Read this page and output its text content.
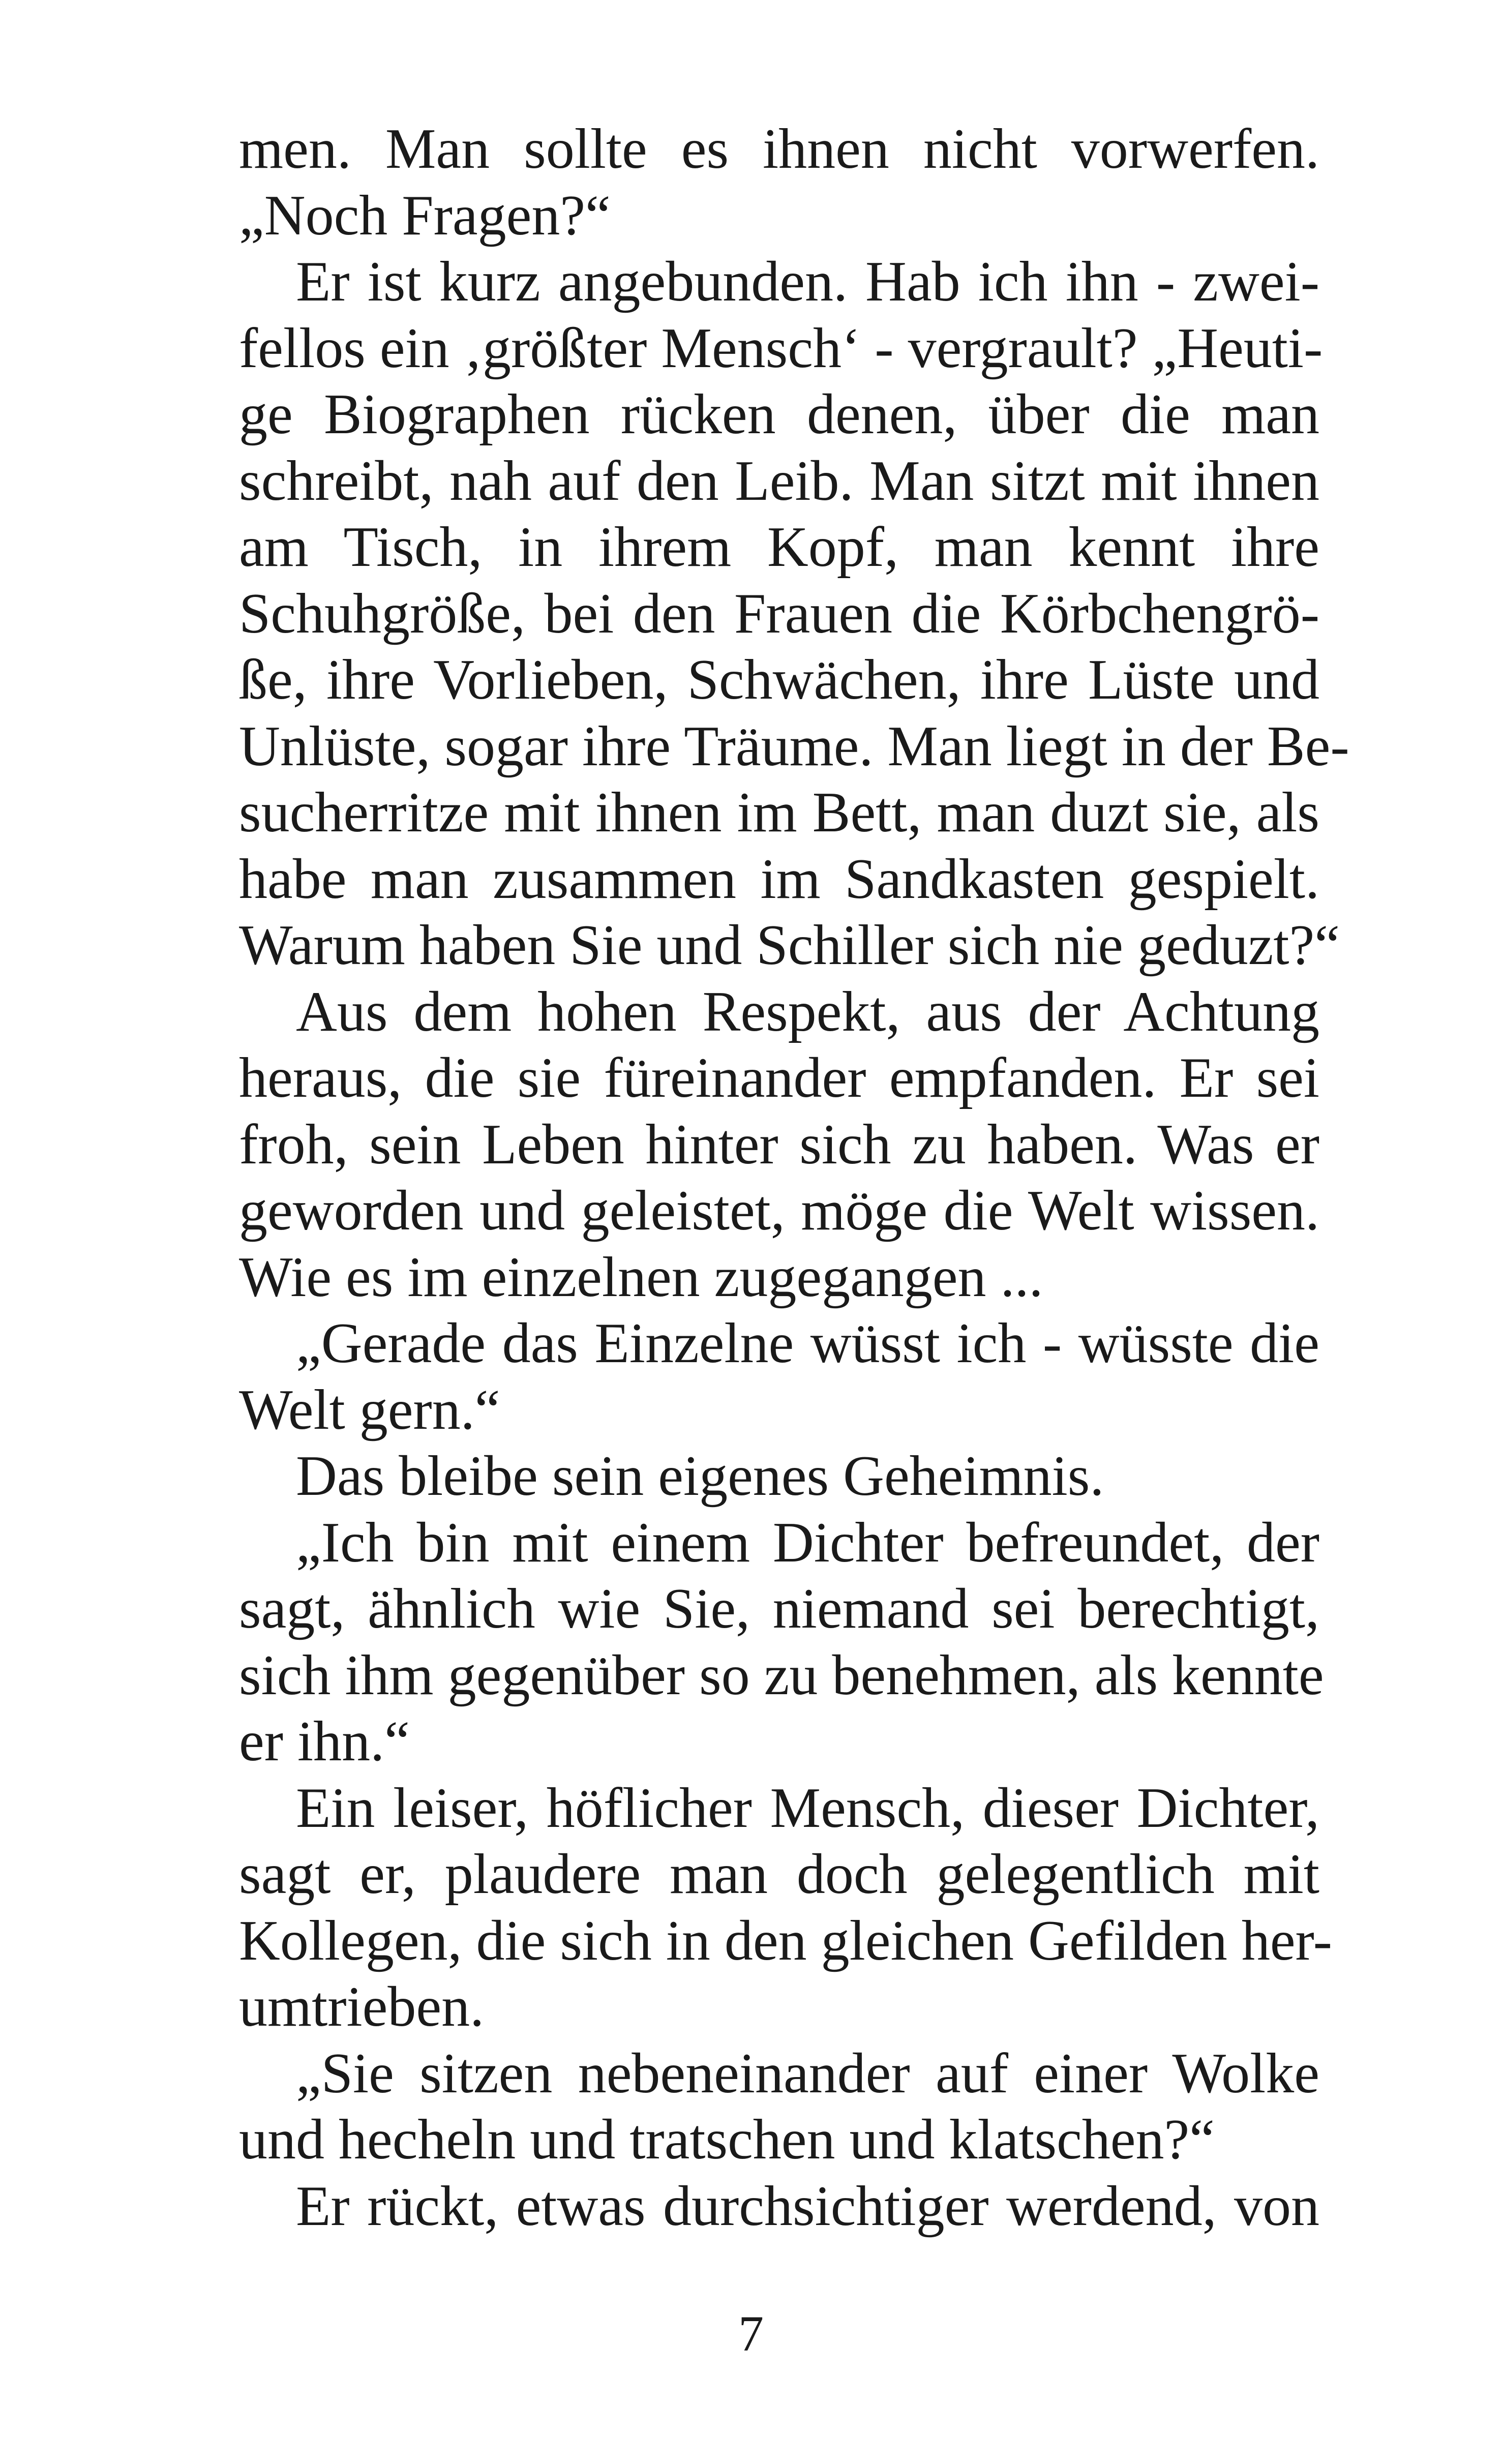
men. Man sollte es ihnen nicht vorwerfen.
„Noch Fragen?“
Er ist kurz angebunden. Hab ich ihn - zwei-
fellos ein ‚größter Mensch‘ - vergrault? „Heuti-
ge Biographen rücken denen, über die man
schreibt, nah auf den Leib. Man sitzt mit ihnen
am Tisch, in ihrem Kopf, man kennt ihre
Schuhgröße, bei den Frauen die Körbchengrö-
ße, ihre Vorlieben, Schwächen, ihre Lüste und
Unlüste, sogar ihre Träume. Man liegt in der Be-
sucherritze mit ihnen im Bett, man duzt sie, als
habe man zusammen im Sandkasten gespielt.
Warum haben Sie und Schiller sich nie geduzt?“
Aus dem hohen Respekt, aus der Achtung
heraus, die sie füreinander empfanden. Er sei
froh, sein Leben hinter sich zu haben. Was er
geworden und geleistet, möge die Welt wissen.
Wie es im einzelnen zugegangen ...
„Gerade das Einzelne wüsst ich - wüsste die
Welt gern.“
Das bleibe sein eigenes Geheimnis.
„Ich bin mit einem Dichter befreundet, der
sagt, ähnlich wie Sie, niemand sei berechtigt,
sich ihm gegenüber so zu benehmen, als kennte
er ihn.“
Ein leiser, höflicher Mensch, dieser Dichter,
sagt er, plaudere man doch gelegentlich mit
Kollegen, die sich in den gleichen Gefilden her-
umtrieben.
„Sie sitzen nebeneinander auf einer Wolke
und hecheln und tratschen und klatschen?“
Er rückt, etwas durchsichtiger werdend, von
7
